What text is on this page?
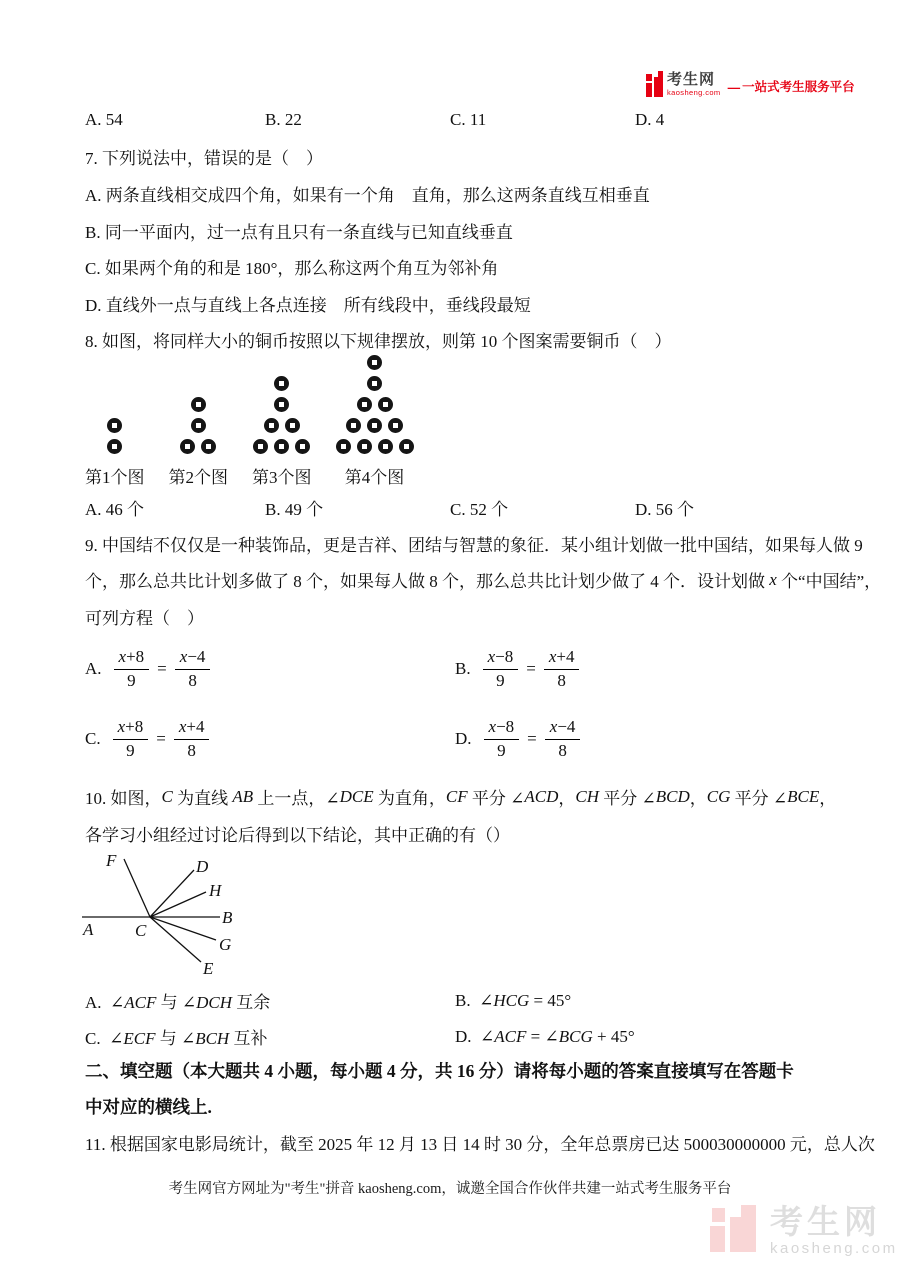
考生网
kaosheng.com — 一站式考生服务平台
A. 54	B. 22	C. 11	D. 4
7. 下列说法中，错误的是（　）
A. 两条直线相交成四个角，如果有一个角　直角，那么这两条直线互相垂直
B. 同一平面内，过一点有且只有一条直线与已知直线垂直
C. 如果两个角的和是 180°，那么称这两个角互为邻补角
D. 直线外一点与直线上各点连接　所有线段中，垂线段最短
8. 如图，将同样大小的铜币按照以下规律摆放，则第 10 个图案需要铜币（　）
第1个图 第2个图 第3个图 第4个图
A. 46 个	B. 49 个	C. 52 个	D. 56 个
9. 中国结不仅仅是一种装饰品，更是吉祥、团结与智慧的象征．某小组计划做一批中国结，如果每人做 9
个，那么总共比计划多做了 8 个，如果每人做 8 个，那么总共比计划少做了 4 个．设计划做 x 个“中国结”，
可列方程（　）
A. $\frac{x+8}{9} = \frac{x-4}{8}$	B. $\frac{x-8}{9} = \frac{x+4}{8}$
C. $\frac{x+8}{9} = \frac{x+4}{8}$	D. $\frac{x-8}{9} = \frac{x-4}{8}$
10. 如图， C 为直线 AB 上一点，∠ DCE 为直角， CF 平分 ∠ ACD ， CH 平分 ∠ BCD ， CG 平分 ∠ BCE ，
各学习小组经过讨论后得到以下结论，其中正确的有（）
F	D
H
B
A C
G
E
A.  ∠ACF 与 ∠DCH 互余	B.  ∠HCG = 45°
C.  ∠ECF 与 ∠BCH 互补	D.  ∠ACF = ∠BCG + 45°
二、填空题（本大题共 4 小题，每小题 4 分，共 16 分）请将每小题的答案直接填写在答题卡
中对应的横线上.
11. 根据国家电影局统计，截至 2025 年 12 月 13 日 14 时 30 分，全年总票房已达 500030000000 元，总人次
考生网官方网址为"考生"拼音 kaosheng.com，诚邀全国合作伙伴共建一站式考生服务平台
考生网
kaosheng.com
